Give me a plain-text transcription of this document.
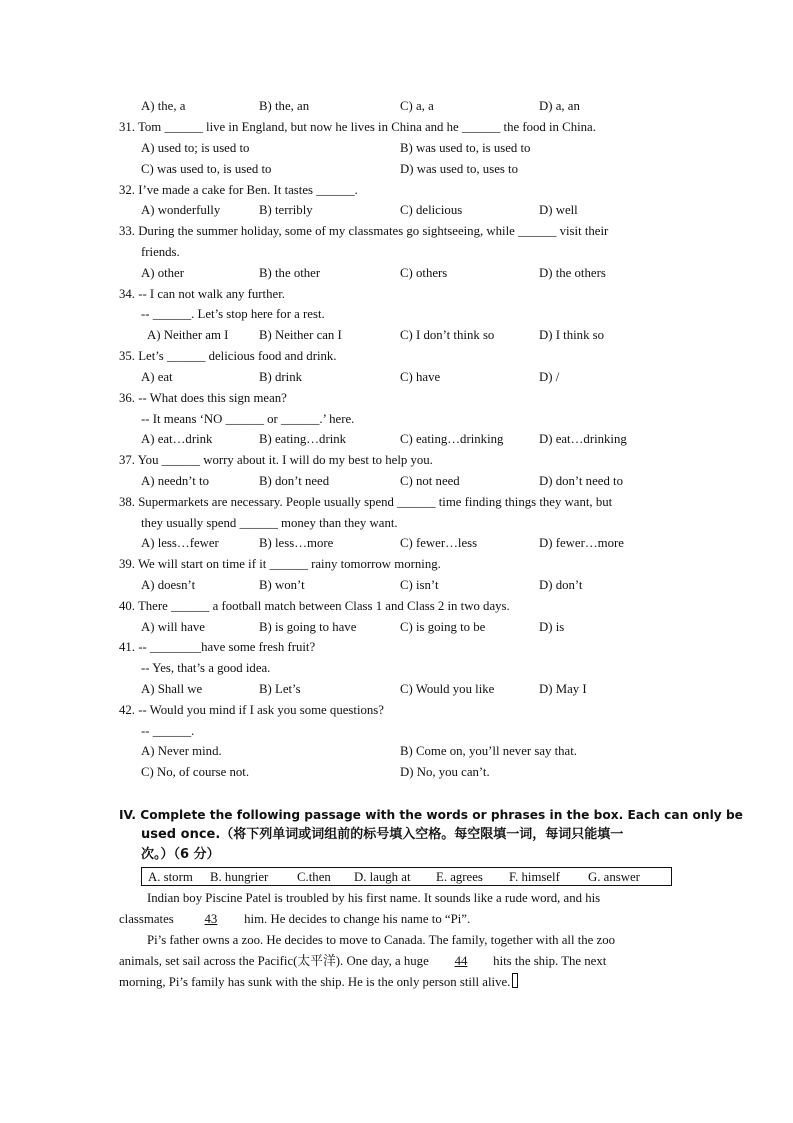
A) the, a	B) the, an	C) a, a	D) a, an
31. Tom ______ live in England, but now he lives in China and he ______ the food in China.
A) used to; is used to	B) was used to, is used to
C) was used to, is used to	D) was used to, uses to
32. I’ve made a cake for Ben. It tastes ______.
A) wonderfully	B) terribly	C) delicious	D) well
33. During the summer holiday, some of my classmates go sightseeing, while ______ visit their
friends.
A) other	B) the other	C) others	D) the others
34. -- I can not walk any further.
-- ______. Let’s stop here for a rest.
A) Neither am I B) Neither can I	C) I don’t think so	D) I think so
35. Let’s ______ delicious food and drink.
A) eat	B) drink	C) have	D) /
36. -- What does this sign mean?
-- It means ‘NO ______ or ______.’ here.
A) eat…drink	B) eating…drink	C) eating…drinking	D) eat…drinking
37. You ______ worry about it. I will do my best to help you.
A) needn’t to	B) don’t need	C) not need	D) don’t need to
38. Supermarkets are necessary. People usually spend ______ time finding things they want, but
they usually spend ______ money than they want.
A) less…fewer	B) less…more	C) fewer…less	D) fewer…more
39. We will start on time if it ______ rainy tomorrow morning.
A) doesn’t	B) won’t	C) isn’t	D) don’t
40. There ______ a football match between Class 1 and Class 2 in two days.
A) will have	B) is going to have	C) is going to be	D) is
41. -- ________have some fresh fruit?
-- Yes, that’s a good idea.
A) Shall we	B) Let’s	C) Would you like	D) May I
42. -- Would you mind if I ask you some questions?
-- ______.
A) Never mind.	B) Come on, you’ll never say that.
C) No, of course not.	D) No, you can’t.
IV. Complete the following passage with the words or phrases in the box. Each can only be
used once.（将下列单词或词组前的标号填入空格。每空限填一词，每词只能填一
次。）（6 分）
A. storm B. hungrier C.then D. laugh at E. agrees F. himself G. answer
Indian boy Piscine Patel is troubled by his first name. It sounds like a rude word, and his
classmates 43 him. He decides to change his name to “Pi”.
Pi’s father owns a zoo. He decides to move to Canada. The family, together with all the zoo
animals, set sail across the Pacific(太平洋). One day, a huge 44 hits the ship. The next
morning, Pi’s family has sunk with the ship. He is the only person still alive.
